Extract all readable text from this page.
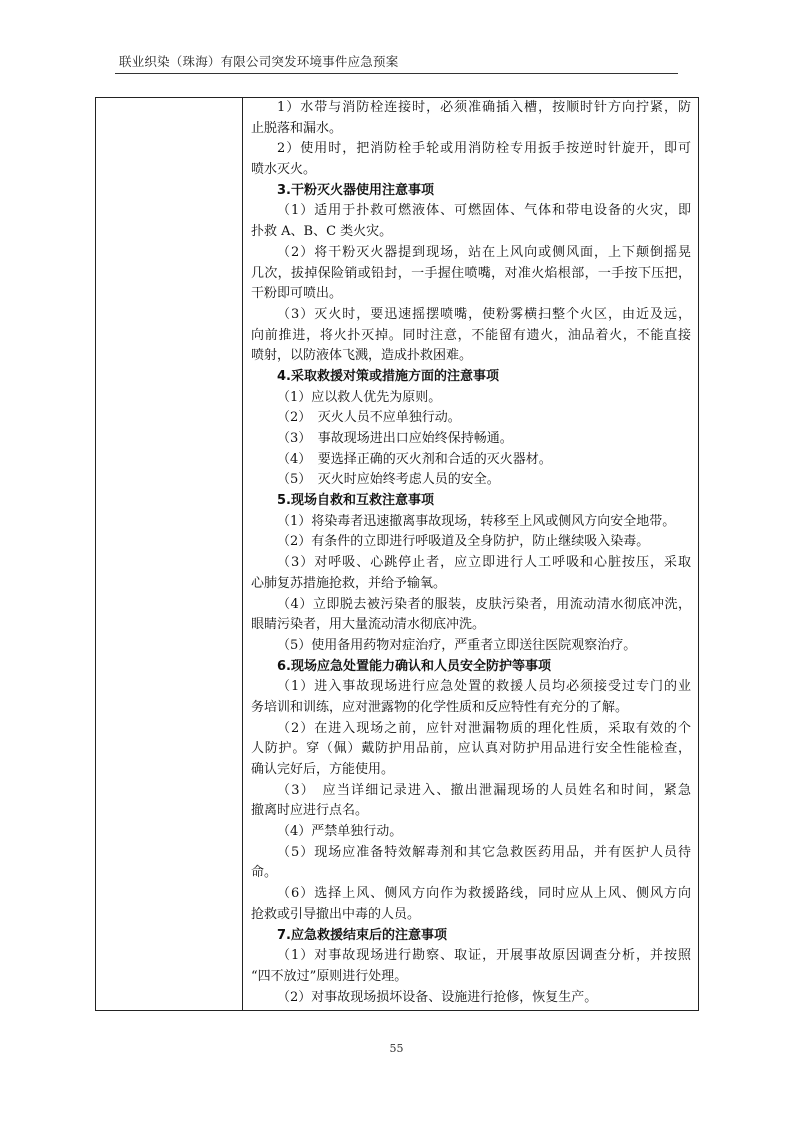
联业织染（珠海）有限公司突发环境事件应急预案
1）水带与消防栓连接时，必须准确插入槽，按顺时针方向拧紧，防
止脱落和漏水。
2）使用时，把消防栓手轮或用消防栓专用扳手按逆时针旋开，即可
喷水灭火。
3.干粉灭火器使用注意事项
（1）适用于扑救可燃液体、可燃固体、气体和带电设备的火灾，即
扑救 A、B、C 类火灾。
（2）将干粉灭火器提到现场，站在上风向或侧风面，上下颠倒摇晃
几次，拔掉保险销或铅封，一手握住喷嘴，对准火焰根部，一手按下压把，
干粉即可喷出。
（3）灭火时，要迅速摇摆喷嘴，使粉雾横扫整个火区，由近及远，
向前推进，将火扑灭掉。同时注意，不能留有遗火，油品着火，不能直接
喷射，以防液体飞溅，造成扑救困难。
4.采取救援对策或措施方面的注意事项
（1）应以救人优先为原则。
（2）　灭火人员不应单独行动。
（3）　事故现场进出口应始终保持畅通。
（4）　要选择正确的灭火剂和合适的灭火器材。
（5）　灭火时应始终考虑人员的安全。
5.现场自救和互救注意事项
（1）将染毒者迅速撤离事故现场，转移至上风或侧风方向安全地带。
（2）有条件的立即进行呼吸道及全身防护，防止继续吸入染毒。
（3）对呼吸、心跳停止者，应立即进行人工呼吸和心脏按压，采取
心肺复苏措施抢救，并给予输氧。
（4）立即脱去被污染者的服装，皮肤污染者，用流动清水彻底冲洗，
眼睛污染者，用大量流动清水彻底冲洗。
（5）使用备用药物对症治疗，严重者立即送往医院观察治疗。
6.现场应急处置能力确认和人员安全防护等事项
（1）进入事故现场进行应急处置的救援人员均必须接受过专门的业
务培训和训练，应对泄露物的化学性质和反应特性有充分的了解。
（2）在进入现场之前，应针对泄漏物质的理化性质，采取有效的个
人防护。穿（佩）戴防护用品前，应认真对防护用品进行安全性能检查，
确认完好后，方能使用。
（3）　应当详细记录进入、撤出泄漏现场的人员姓名和时间，紧急
撤离时应进行点名。
（4）严禁单独行动。
（5）现场应准备特效解毒剂和其它急救医药用品，并有医护人员待
命。
（6）选择上风、侧风方向作为救援路线，同时应从上风、侧风方向
抢救或引导撤出中毒的人员。
7.应急救援结束后的注意事项
（1）对事故现场进行勘察、取证，开展事故原因调查分析，并按照
“四不放过”原则进行处理。
（2）对事故现场损坏设备、设施进行抢修，恢复生产。
55
